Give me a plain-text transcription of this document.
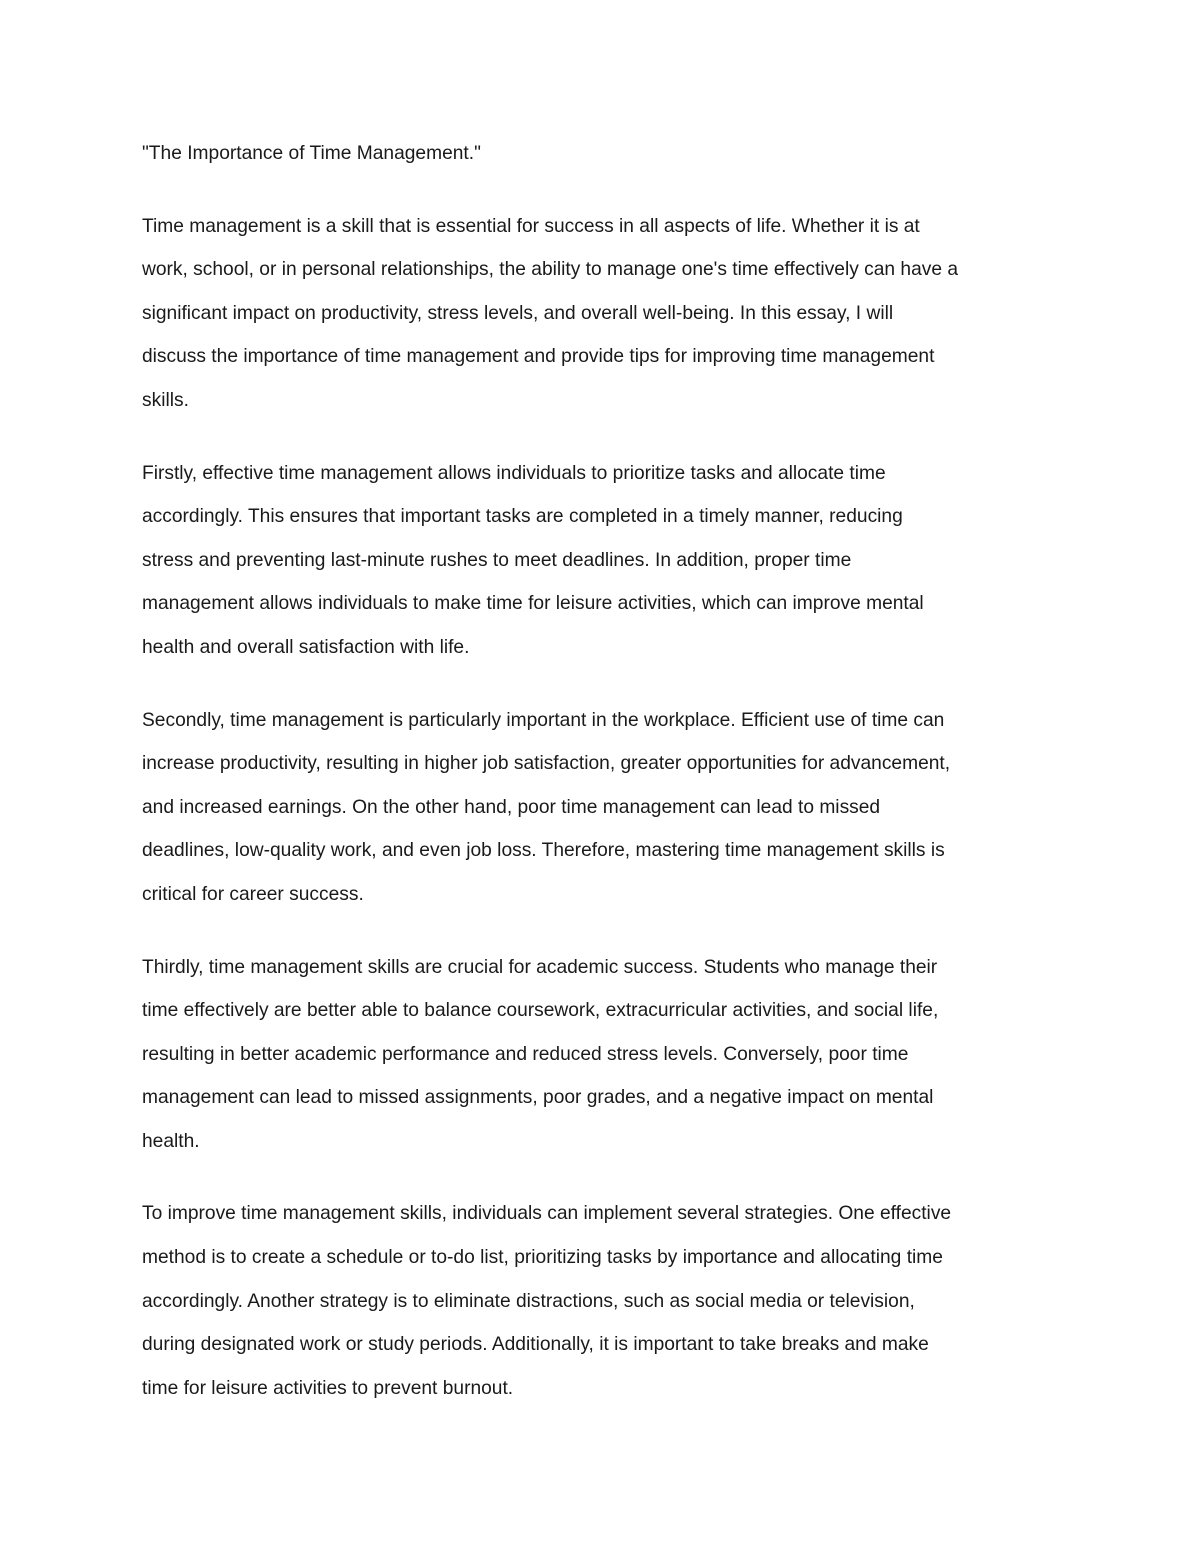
"The Importance of Time Management."

Time management is a skill that is essential for success in all aspects of life. Whether it is at
work, school, or in personal relationships, the ability to manage one's time effectively can have a
significant impact on productivity, stress levels, and overall well-being. In this essay, I will
discuss the importance of time management and provide tips for improving time management
skills.

Firstly, effective time management allows individuals to prioritize tasks and allocate time
accordingly. This ensures that important tasks are completed in a timely manner, reducing
stress and preventing last-minute rushes to meet deadlines. In addition, proper time
management allows individuals to make time for leisure activities, which can improve mental
health and overall satisfaction with life.

Secondly, time management is particularly important in the workplace. Efficient use of time can
increase productivity, resulting in higher job satisfaction, greater opportunities for advancement,
and increased earnings. On the other hand, poor time management can lead to missed
deadlines, low-quality work, and even job loss. Therefore, mastering time management skills is
critical for career success.

Thirdly, time management skills are crucial for academic success. Students who manage their
time effectively are better able to balance coursework, extracurricular activities, and social life,
resulting in better academic performance and reduced stress levels. Conversely, poor time
management can lead to missed assignments, poor grades, and a negative impact on mental
health.

To improve time management skills, individuals can implement several strategies. One effective
method is to create a schedule or to-do list, prioritizing tasks by importance and allocating time
accordingly. Another strategy is to eliminate distractions, such as social media or television,
during designated work or study periods. Additionally, it is important to take breaks and make
time for leisure activities to prevent burnout.
